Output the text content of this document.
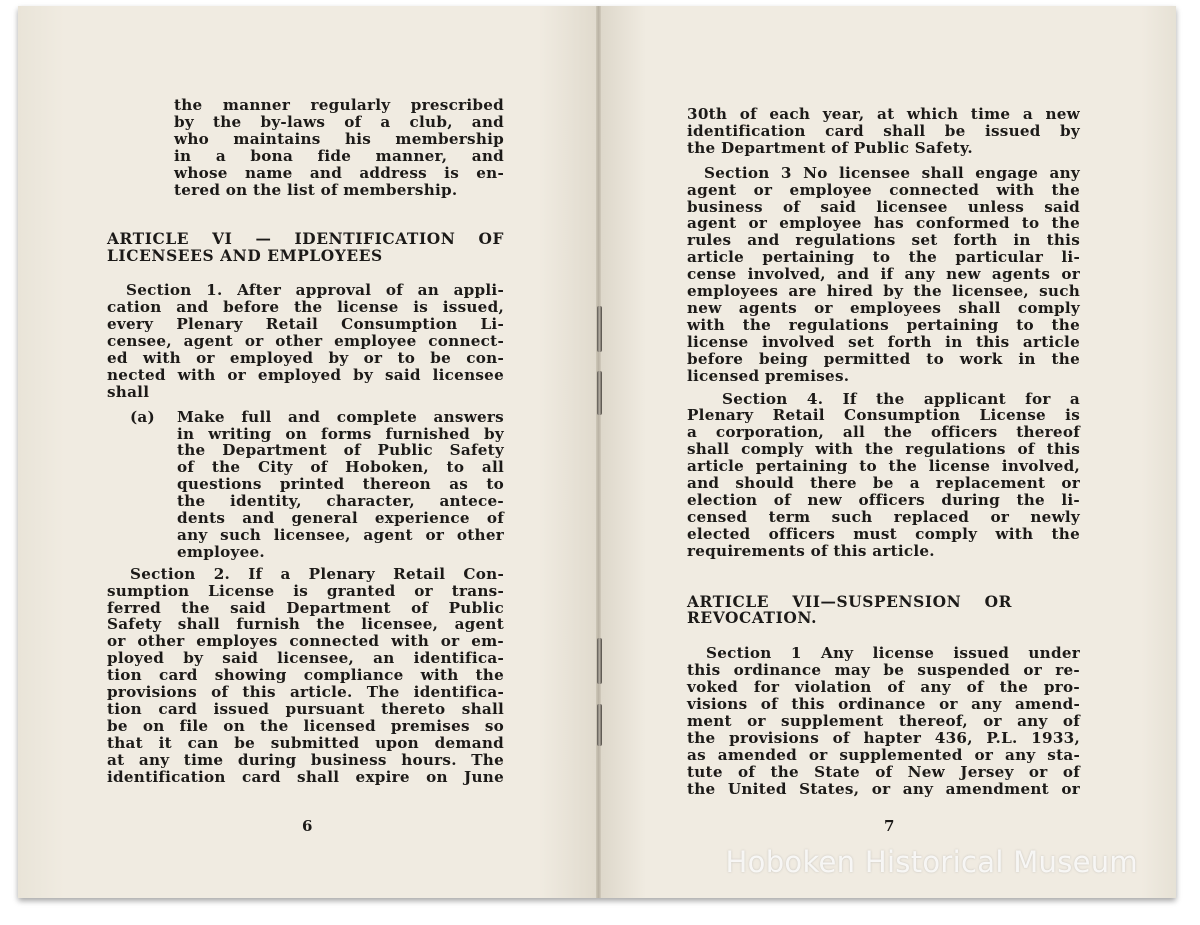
the manner regularly prescribed
by the by-laws of a club, and
who maintains his membership
in a bona fide manner, and
whose name and address is en-
tered on the list of membership.
ARTICLE VI — IDENTIFICATION OF
LICENSEES AND EMPLOYEES
Section 1. After approval of an appli-
cation and before the license is issued,
every Plenary Retail Consumption Li-
censee, agent or other employee connect-
ed with or employed by or to be con-
nected with or employed by said licensee
shall
(a) Make full and complete answers
in writing on forms furnished by
the Department of Public Safety
of the City of Hoboken, to all
questions printed thereon as to
the identity, character, antece-
dents and general experience of
any such licensee, agent or other
employee.
Section 2. If a Plenary Retail Con-
sumption License is granted or trans-
ferred the said Department of Public
Safety shall furnish the licensee, agent
or other employes connected with or em-
ployed by said licensee, an identifica-
tion card showing compliance with the
provisions of this article. The identifica-
tion card issued pursuant thereto shall
be on file on the licensed premises so
that it can be submitted upon demand
at any time during business hours. The
identification card shall expire on June
6
30th of each year, at which time a new
identification card shall be issued by
the Department of Public Safety.
Section 3 No licensee shall engage any
agent or employee connected with the
business of said licensee unless said
agent or employee has conformed to the
rules and regulations set forth in this
article pertaining to the particular li-
cense involved, and if any new agents or
employees are hired by the licensee, such
new agents or employees shall comply
with the regulations pertaining to the
license involved set forth in this article
before being permitted to work in the
licensed premises.
Section 4. If the applicant for a
Plenary Retail Consumption License is
a corporation, all the officers thereof
shall comply with the regulations of this
article pertaining to the license involved,
and should there be a replacement or
election of new officers during the li-
censed term such replaced or newly
elected officers must comply with the
requirements of this article.
ARTICLE VII—SUSPENSION OR
REVOCATION.
Section 1 Any license issued under
this ordinance may be suspended or re-
voked for violation of any of the pro-
visions of this ordinance or any amend-
ment or supplement thereof, or any of
the provisions of hapter 436, P.L. 1933,
as amended or supplemented or any sta-
tute of the State of New Jersey or of
the United States, or any amendment or
7
Hoboken Historical Museum
